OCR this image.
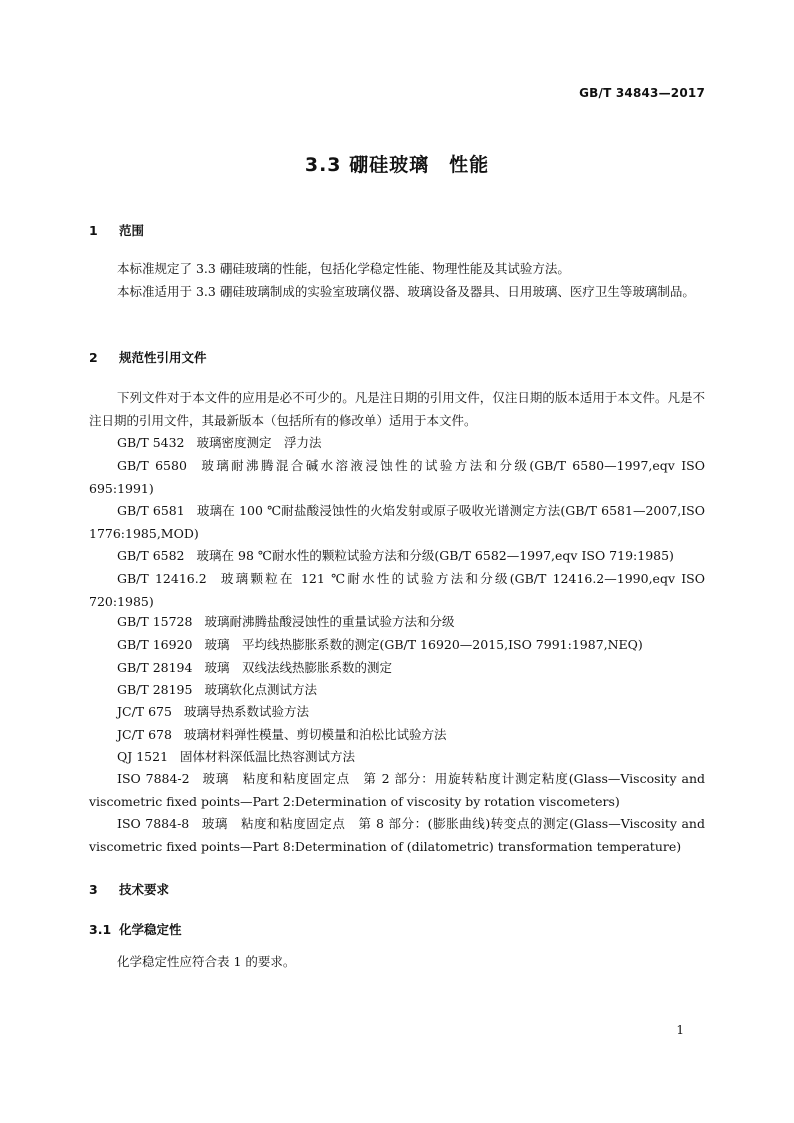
GB/T 34843—2017
3.3 硼硅玻璃　性能
1 范围
本标准规定了 3.3 硼硅玻璃的性能，包括化学稳定性能、物理性能及其试验方法。
本标准适用于 3.3 硼硅玻璃制成的实验室玻璃仪器、玻璃设备及器具、日用玻璃、医疗卫生等玻璃制品。
2 规范性引用文件
下列文件对于本文件的应用是必不可少的。凡是注日期的引用文件，仅注日期的版本适用于本文件。凡是不注日期的引用文件，其最新版本（包括所有的修改单）适用于本文件。
GB/T 5432 玻璃密度测定　浮力法
GB/T 6580 玻璃耐沸腾混合碱水溶液浸蚀性的试验方法和分级(GB/T 6580—1997,eqv ISO 695:1991)
GB/T 6581 玻璃在 100 ℃耐盐酸浸蚀性的火焰发射或原子吸收光谱测定方法(GB/T 6581—2007,ISO 1776:1985,MOD)
GB/T 6582 玻璃在 98 ℃耐水性的颗粒试验方法和分级(GB/T 6582—1997,eqv ISO 719:1985)
GB/T 12416.2 玻璃颗粒在 121 ℃耐水性的试验方法和分级(GB/T 12416.2—1990,eqv ISO 720:1985)
GB/T 15728 玻璃耐沸腾盐酸浸蚀性的重量试验方法和分级
GB/T 16920 玻璃　平均线热膨胀系数的测定(GB/T 16920—2015,ISO 7991:1987,NEQ)
GB/T 28194 玻璃　双线法线热膨胀系数的测定
GB/T 28195 玻璃软化点测试方法
JC/T 675 玻璃导热系数试验方法
JC/T 678 玻璃材料弹性模量、剪切模量和泊松比试验方法
QJ 1521 固体材料深低温比热容测试方法
ISO 7884-2 玻璃　粘度和粘度固定点　第 2 部分：用旋转粘度计测定粘度(Glass—Viscosity and viscometric fixed points—Part 2:Determination of viscosity by rotation viscometers)
ISO 7884-8 玻璃　粘度和粘度固定点　第 8 部分：(膨胀曲线)转变点的测定(Glass—Viscosity and viscometric fixed points—Part 8:Determination of (dilatometric) transformation temperature)
3 技术要求
3.1 化学稳定性
化学稳定性应符合表 1 的要求。
1
